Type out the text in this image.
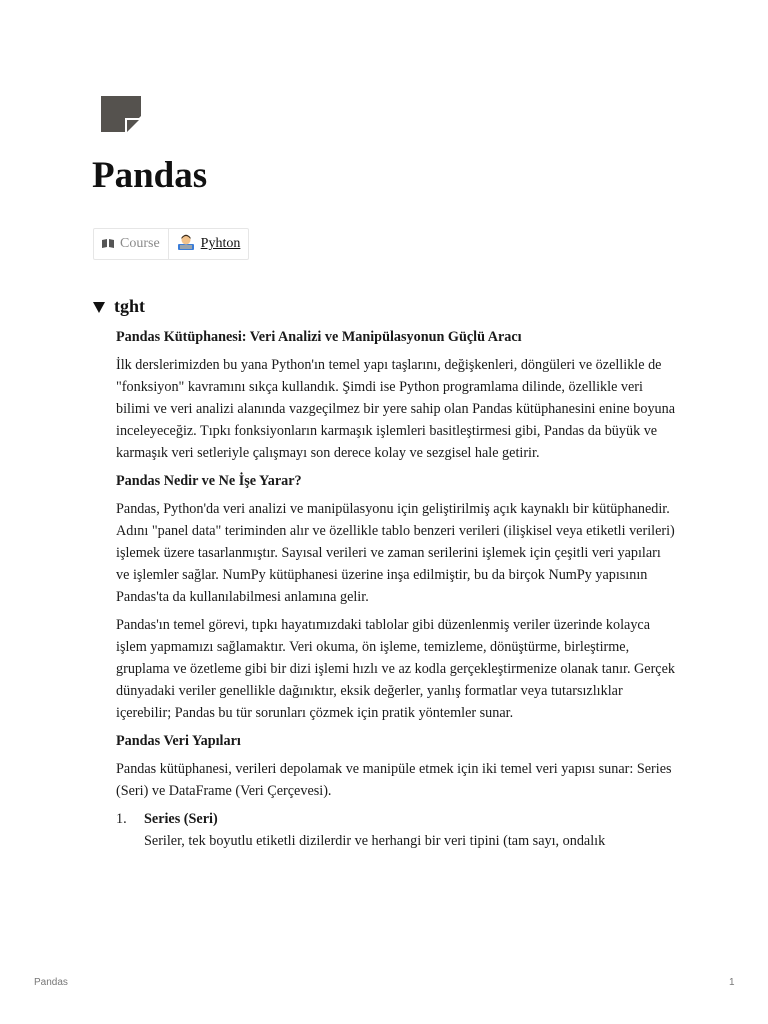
Pandas
Course	Pyhton
tght
Pandas Kütüphanesi: Veri Analizi ve Manipülasyonun Güçlü Aracı

İlk derslerimizden bu yana Python'ın temel yapı taşlarını, değişkenleri, döngüleri ve özellikle de "fonksiyon" kavramını sıkça kullandık. Şimdi ise Python programlama dilinde, özellikle veri bilimi ve veri analizi alanında vazgeçilmez bir yere sahip olan Pandas kütüphanesini enine boyuna inceleyeceğiz. Tıpkı fonksiyonların karmaşık işlemleri basitleştirmesi gibi, Pandas da büyük ve karmaşık veri setleriyle çalışmayı son derece kolay ve sezgisel hale getirir.

Pandas Nedir ve Ne İşe Yarar?

Pandas, Python'da veri analizi ve manipülasyonu için geliştirilmiş açık kaynaklı bir kütüphanedir. Adını "panel data" teriminden alır ve özellikle tablo benzeri verileri (ilişkisel veya etiketli verileri) işlemek üzere tasarlanmıştır. Sayısal verileri ve zaman serilerini işlemek için çeşitli veri yapıları ve işlemler sağlar. NumPy kütüphanesi üzerine inşa edilmiştir, bu da birçok NumPy yapısının Pandas'ta da kullanılabilmesi anlamına gelir.

Pandas'ın temel görevi, tıpkı hayatımızdaki tablolar gibi düzenlenmiş veriler üzerinde kolayca işlem yapmamızı sağlamaktır. Veri okuma, ön işleme, temizleme, dönüştürme, birleştirme, gruplama ve özetleme gibi bir dizi işlemi hızlı ve az kodla gerçekleştirmenize olanak tanır. Gerçek dünyadaki veriler genellikle dağınıktır, eksik değerler, yanlış formatlar veya tutarsızlıklar içerebilir; Pandas bu tür sorunları çözmek için pratik yöntemler sunar.

Pandas Veri Yapıları

Pandas kütüphanesi, verileri depolamak ve manipüle etmek için iki temel veri yapısı sunar: Series (Seri) ve DataFrame (Veri Çerçevesi).

1.	Series (Seri)
Seriler, tek boyutlu etiketli dizilerdir ve herhangi bir veri tipini (tam sayı, ondalık
Pandas	1
